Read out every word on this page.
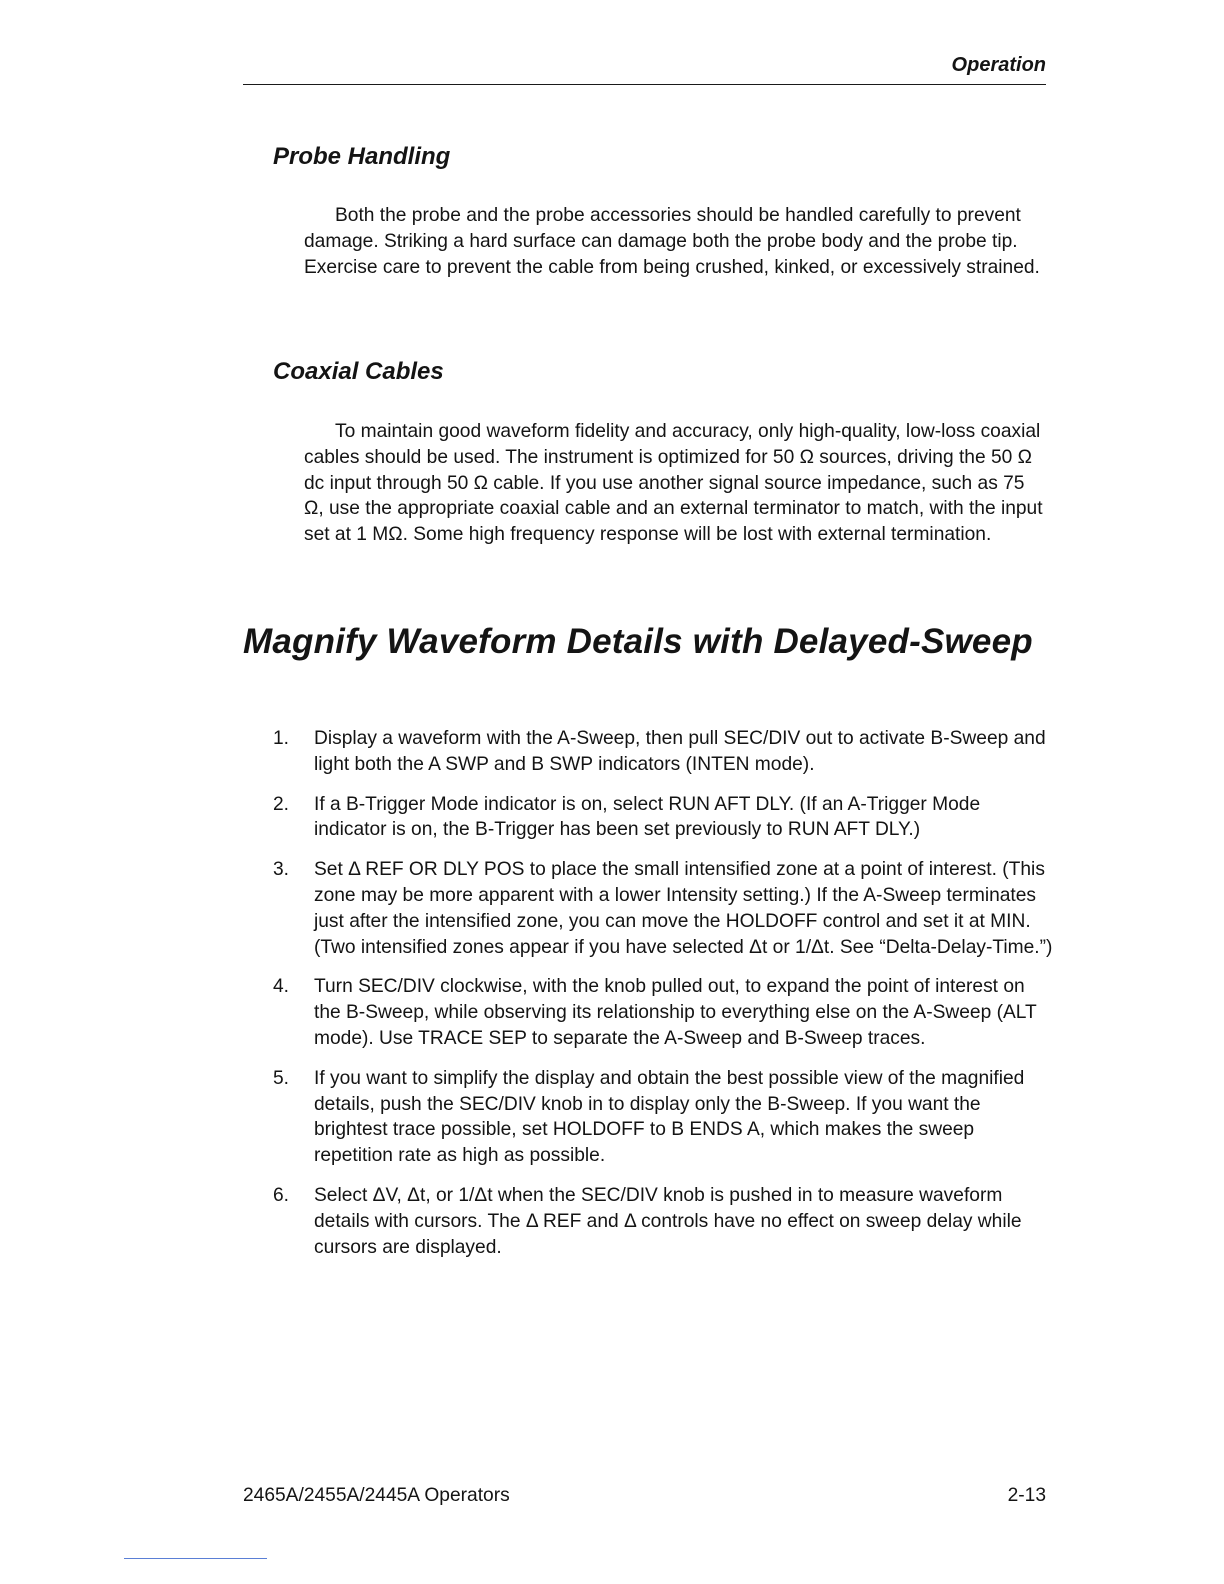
Operation
Probe Handling

Both the probe and the probe accessories should be handled carefully to prevent damage. Striking a hard surface can damage both the probe body and the probe tip. Exercise care to prevent the cable from being crushed, kinked, or excessively strained.

Coaxial Cables

To maintain good waveform fidelity and accuracy, only high-quality, low-loss coaxial cables should be used. The instrument is optimized for 50 Ω sources, driving the 50 Ω dc input through 50 Ω cable. If you use another signal source impedance, such as 75 Ω, use the appropriate coaxial cable and an external terminator to match, with the input set at 1 MΩ. Some high frequency response will be lost with external termination.

Magnify Waveform Details with Delayed-Sweep
1. Display a waveform with the A-Sweep, then pull SEC/DIV out to activate B-Sweep and light both the A SWP and B SWP indicators (INTEN mode).
2. If a B-Trigger Mode indicator is on, select RUN AFT DLY. (If an A-Trigger Mode indicator is on, the B-Trigger has been set previously to RUN AFT DLY.)
3. Set Δ REF OR DLY POS to place the small intensified zone at a point of interest. (This zone may be more apparent with a lower Intensity setting.) If the A-Sweep terminates just after the intensified zone, you can move the HOLDOFF control and set it at MIN. (Two intensified zones appear if you have selected Δt or 1/Δt. See “Delta-Delay-Time.”)
4. Turn SEC/DIV clockwise, with the knob pulled out, to expand the point of interest on the B-Sweep, while observing its relationship to everything else on the A-Sweep (ALT mode). Use TRACE SEP to separate the A-Sweep and B-Sweep traces.
5. If you want to simplify the display and obtain the best possible view of the magnified details, push the SEC/DIV knob in to display only the B-Sweep. If you want the brightest trace possible, set HOLDOFF to B ENDS A, which makes the sweep repetition rate as high as possible.
6. Select ΔV, Δt, or 1/Δt when the SEC/DIV knob is pushed in to measure waveform details with cursors. The Δ REF and Δ controls have no effect on sweep delay while cursors are displayed.
2465A/2455A/2445A Operators	2-13
